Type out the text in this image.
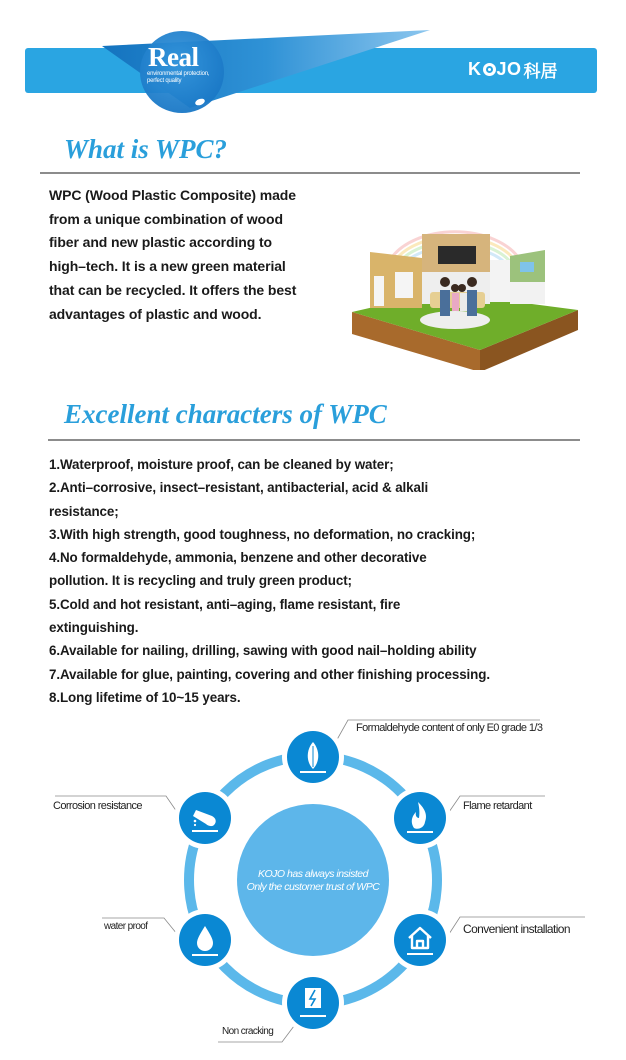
Real
environmental protection,
perfect quality
K JO 科居
What is WPC?
WPC (Wood Plastic Composite) made
from a unique combination of wood
fiber and new plastic according to
high–tech. It is a new green material
that can be recycled. It offers the best
advantages of plastic and wood.
Excellent characters of WPC
1.Waterproof, moisture proof, can be cleaned by water;
2.Anti–corrosive, insect–resistant, antibacterial, acid & alkali
resistance;
3.With high strength, good toughness, no deformation, no cracking;
4.No formaldehyde, ammonia, benzene and other decorative
pollution. It is recycling and truly green product;
5.Cold and hot resistant, anti–aging, flame resistant, fire
extinguishing.
6.Available for nailing, drilling, sawing with good nail–holding ability
7.Available for glue, painting, covering and other finishing processing.
8.Long lifetime of 10~15 years.
KOJO has always insisted
Only the customer trust of WPC
Formaldehyde content of only E0 grade 1/3
Flame retardant
Convenient installation
Non cracking
water proof
Corrosion resistance
